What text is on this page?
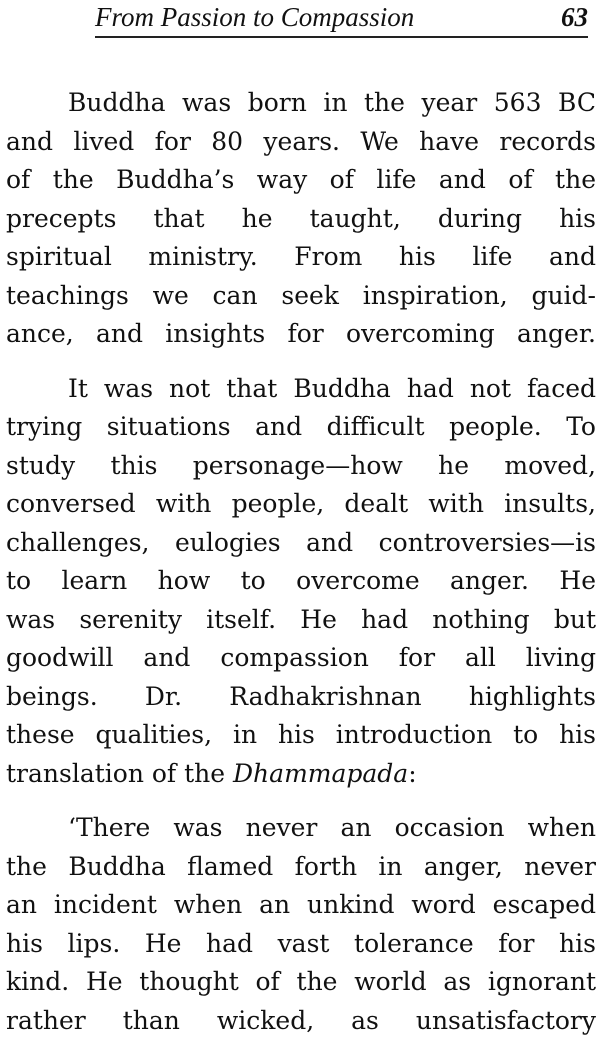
From Passion to Compassion	63
Buddha was born in the year 563 BC
and lived for 80 years. We have records
of the Buddha’s way of life and of the
precepts that he taught, during his
spiritual ministry. From his life and
teachings we can seek inspiration, guid-
ance, and insights for overcoming anger.
It was not that Buddha had not faced
trying situations and difficult people. To
study this personage—how he moved,
conversed with people, dealt with insults,
challenges, eulogies and controversies—is
to learn how to overcome anger. He
was serenity itself. He had nothing but
goodwill and compassion for all living
beings. Dr. Radhakrishnan highlights
these qualities, in his introduction to his
translation of the Dhammapada:
‘There was never an occasion when
the Buddha flamed forth in anger, never
an incident when an unkind word escaped
his lips. He had vast tolerance for his
kind. He thought of the world as ignorant
rather than wicked, as unsatisfactory
